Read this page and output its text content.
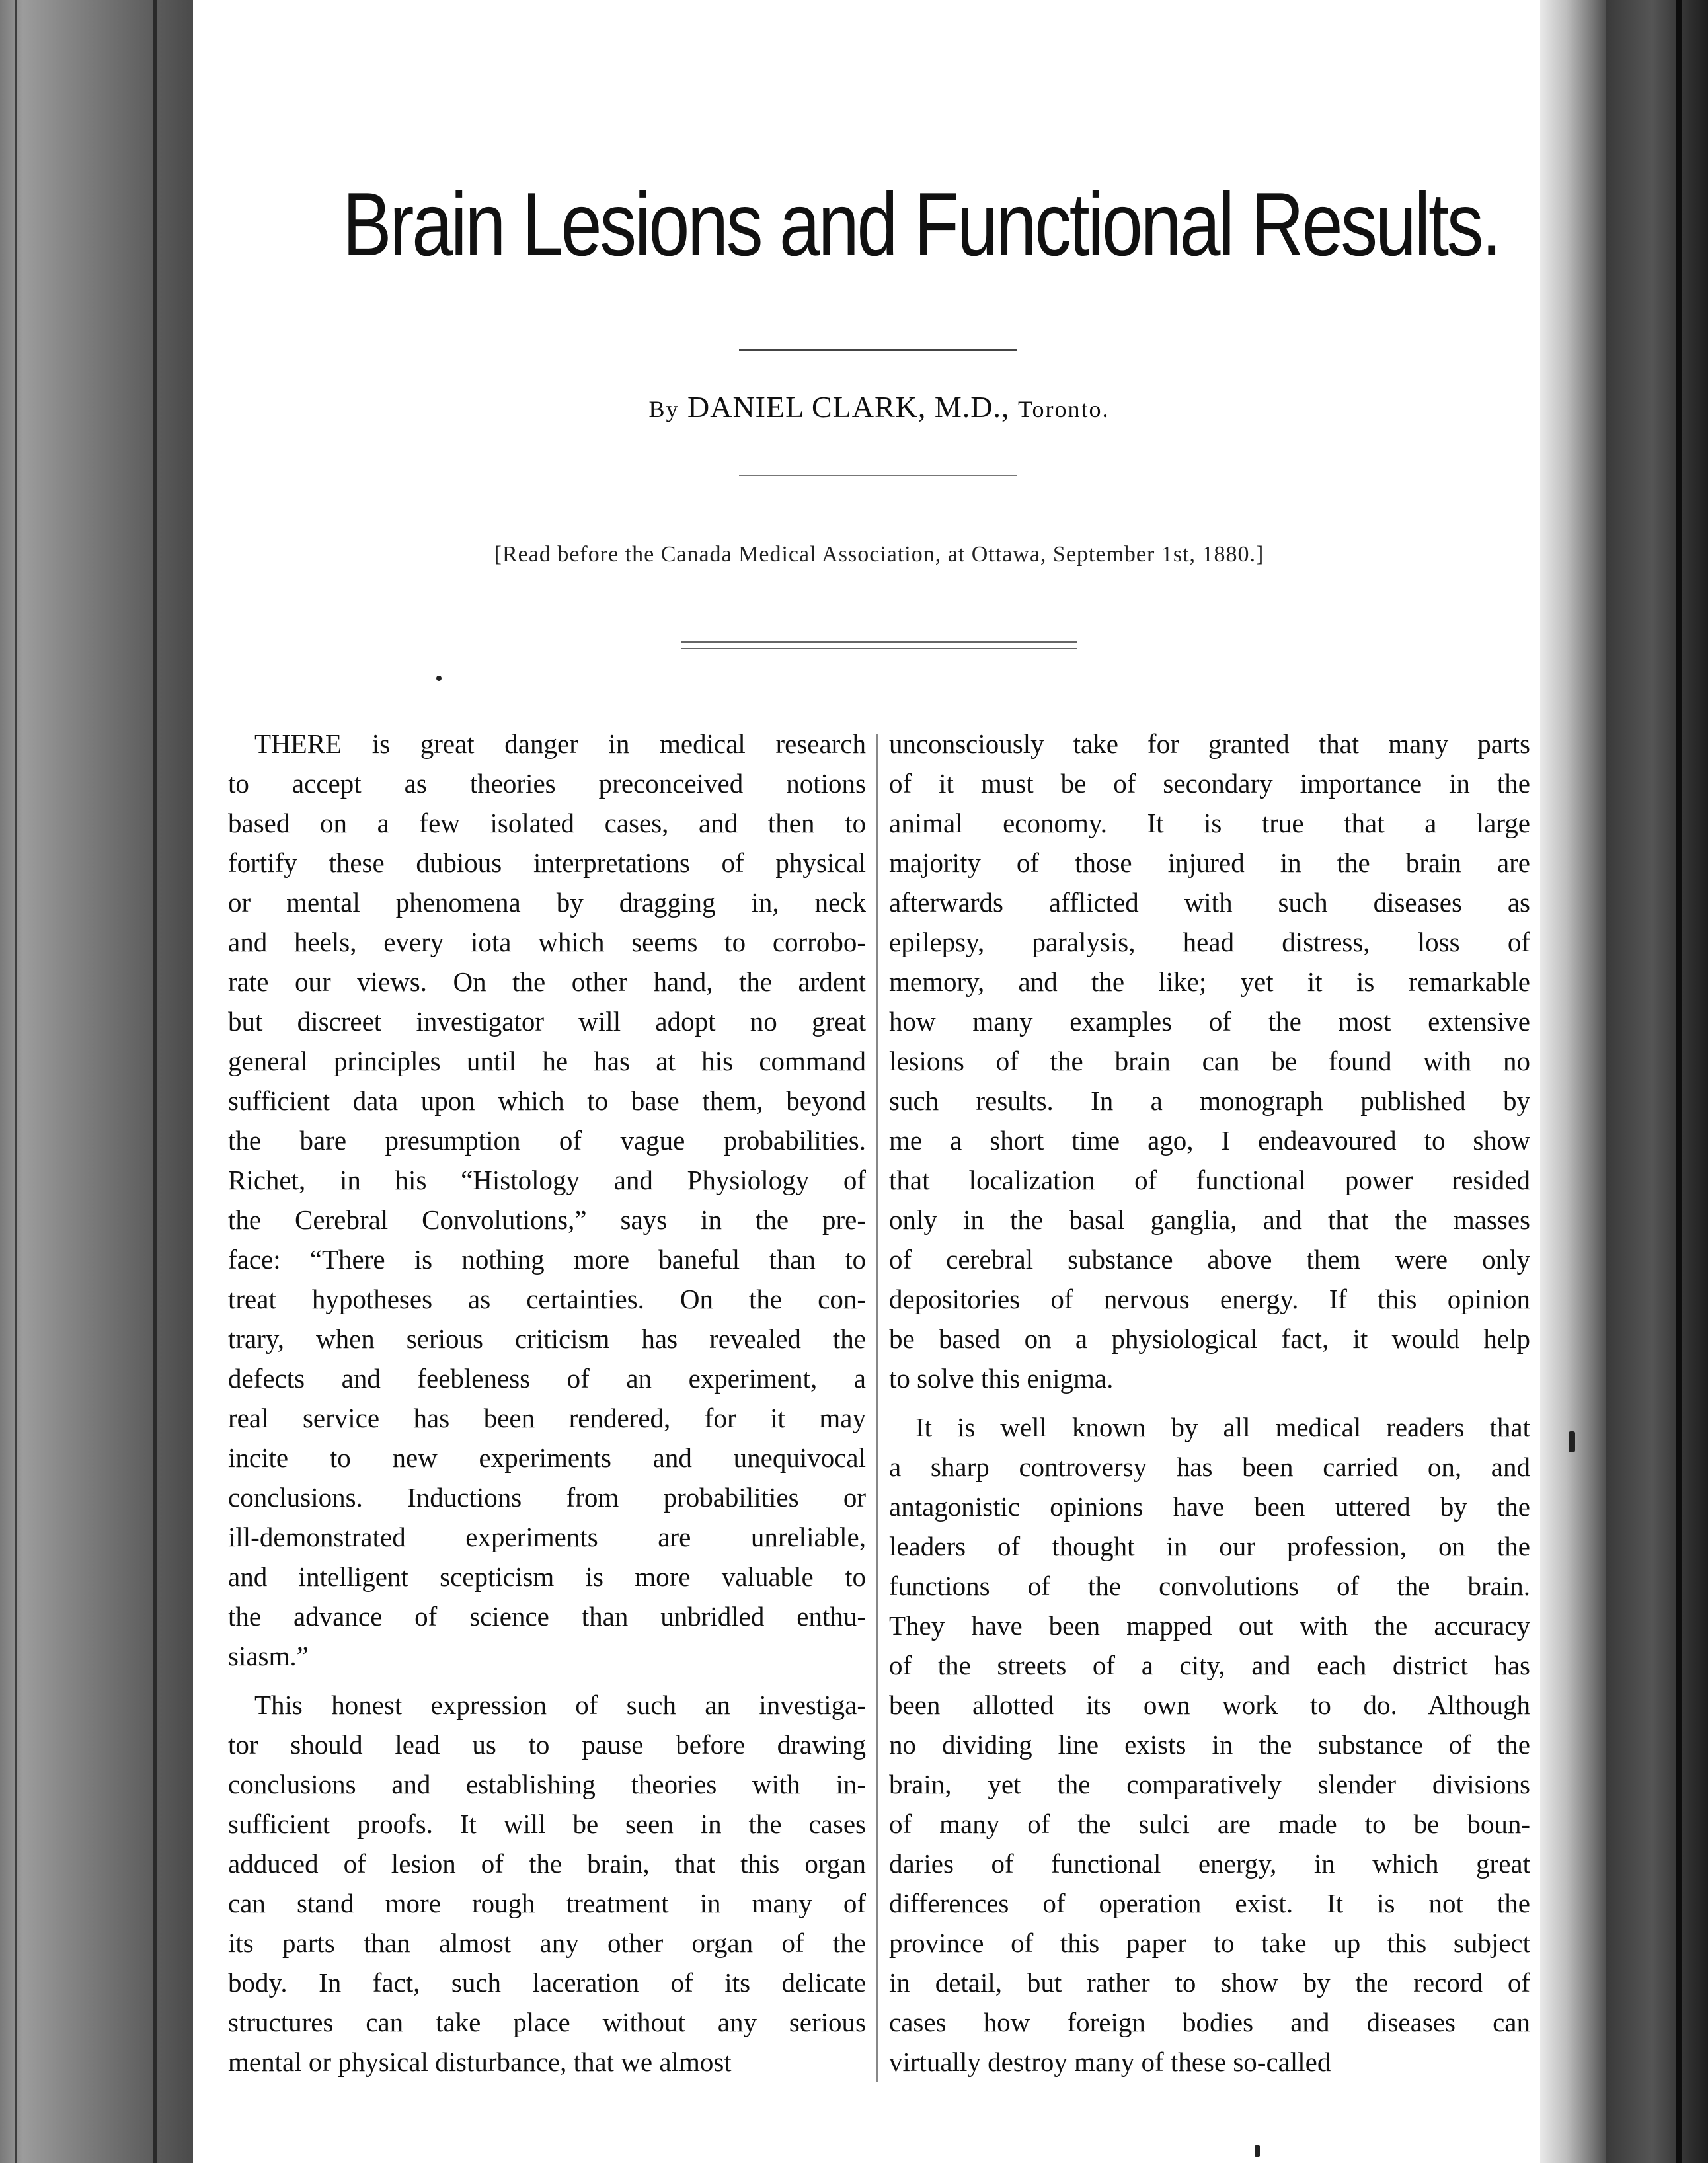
Brain Lesions and Functional Results.
By DANIEL CLARK, M.D., Toronto.
[Read before the Canada Medical Association, at Ottawa, September 1st, 1880.]
THERE is great danger in medical research
to accept as theories preconceived notions
based on a few isolated cases, and then to
fortify these dubious interpretations of physical
or mental phenomena by dragging in, neck
and heels, every iota which seems to corrobo-
rate our views. On the other hand, the ardent
but discreet investigator will adopt no great
general principles until he has at his command
sufficient data upon which to base them, beyond
the bare presumption of vague probabilities.
Richet, in his “Histology and Physiology of
the Cerebral Convolutions,” says in the pre-
face: “There is nothing more baneful than to
treat hypotheses as certainties. On the con-
trary, when serious criticism has revealed the
defects and feebleness of an experiment, a
real service has been rendered, for it may
incite to new experiments and unequivocal
conclusions. Inductions from probabilities or
ill-demonstrated experiments are unreliable,
and intelligent scepticism is more valuable to
the advance of science than unbridled enthu-
siasm.”
This honest expression of such an investiga-
tor should lead us to pause before drawing
conclusions and establishing theories with in-
sufficient proofs. It will be seen in the cases
adduced of lesion of the brain, that this organ
can stand more rough treatment in many of
its parts than almost any other organ of the
body. In fact, such laceration of its delicate
structures can take place without any serious
mental or physical disturbance, that we almost
unconsciously take for granted that many parts
of it must be of secondary importance in the
animal economy. It is true that a large
majority of those injured in the brain are
afterwards afflicted with such diseases as
epilepsy, paralysis, head distress, loss of
memory, and the like; yet it is remarkable
how many examples of the most extensive
lesions of the brain can be found with no
such results. In a monograph published by
me a short time ago, I endeavoured to show
that localization of functional power resided
only in the basal ganglia, and that the masses
of cerebral substance above them were only
depositories of nervous energy. If this opinion
be based on a physiological fact, it would help
to solve this enigma.
It is well known by all medical readers that
a sharp controversy has been carried on, and
antagonistic opinions have been uttered by the
leaders of thought in our profession, on the
functions of the convolutions of the brain.
They have been mapped out with the accuracy
of the streets of a city, and each district has
been allotted its own work to do. Although
no dividing line exists in the substance of the
brain, yet the comparatively slender divisions
of many of the sulci are made to be boun-
daries of functional energy, in which great
differences of operation exist. It is not the
province of this paper to take up this subject
in detail, but rather to show by the record of
cases how foreign bodies and diseases can
virtually destroy many of these so-called
